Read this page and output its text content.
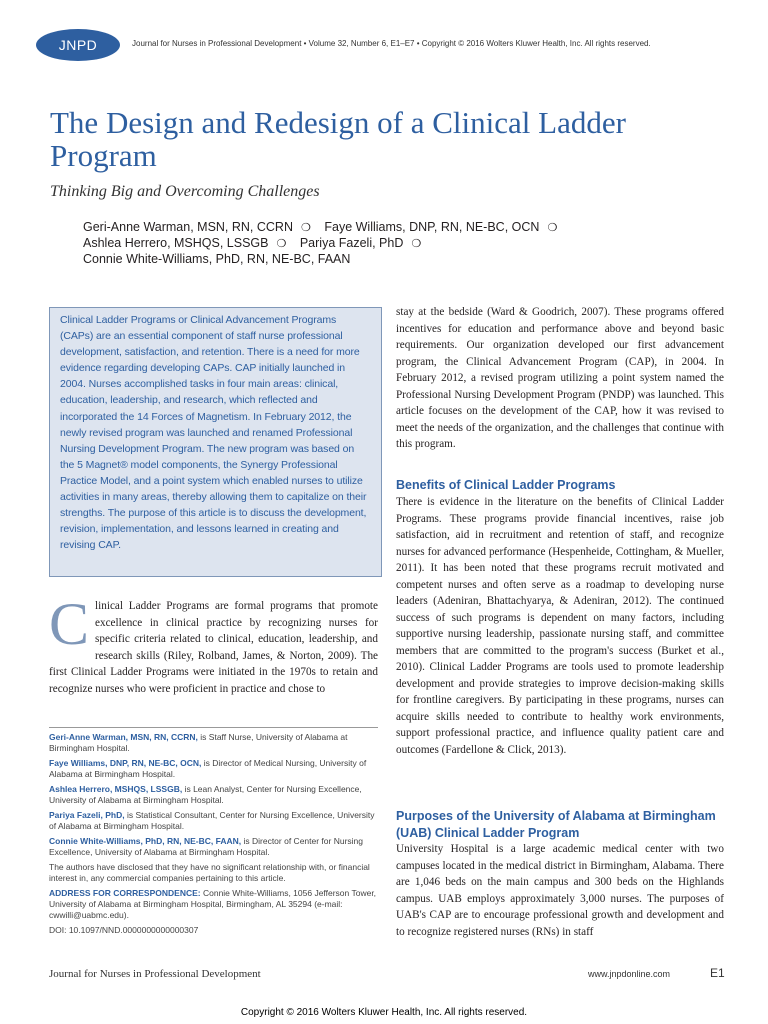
JNPD	Journal for Nurses in Professional Development • Volume 32, Number 6, E1–E7 • Copyright © 2016 Wolters Kluwer Health, Inc. All rights reserved.
The Design and Redesign of a Clinical Ladder Program
Thinking Big and Overcoming Challenges
Geri-Anne Warman, MSN, RN, CCRN ❍ Faye Williams, DNP, RN, NE-BC, OCN ❍
Ashlea Herrero, MSHQS, LSSGB ❍ Pariya Fazeli, PhD ❍
Connie White-Williams, PhD, RN, NE-BC, FAAN

Clinical Ladder Programs or Clinical Advancement Programs (CAPs) are an essential component of staff nurse professional development, satisfaction, and retention. There is a need for more evidence regarding developing CAPs. CAP initially launched in 2004. Nurses accomplished tasks in four main areas: clinical, education, leadership, and research, which reflected and incorporated the 14 Forces of Magnetism. In February 2012, the newly revised program was launched and renamed Professional Nursing Development Program. The new program was based on the 5 Magnet® model components, the Synergy Professional Practice Model, and a point system which enabled nurses to utilize activities in many areas, thereby allowing them to capitalize on their strengths. The purpose of this article is to discuss the development, revision, implementation, and lessons learned in creating and revising CAP.

Clinical Ladder Programs are formal programs that promote excellence in clinical practice by recognizing nurses for specific criteria related to clinical, education, leadership, and research skills (Riley, Rolband, James, & Norton, 2009). The first Clinical Ladder Programs were initiated in the 1970s to retain and recognize nurses who were proficient in practice and chose to

Geri-Anne Warman, MSN, RN, CCRN, is Staff Nurse, University of Alabama at Birmingham Hospital.

Faye Williams, DNP, RN, NE-BC, OCN, is Director of Medical Nursing, University of Alabama at Birmingham Hospital.

Ashlea Herrero, MSHQS, LSSGB, is Lean Analyst, Center for Nursing Excellence, University of Alabama at Birmingham Hospital.

Pariya Fazeli, PhD, is Statistical Consultant, Center for Nursing Excellence, University of Alabama at Birmingham Hospital.

Connie White-Williams, PhD, RN, NE-BC, FAAN, is Director of Center for Nursing Excellence, University of Alabama at Birmingham Hospital.

The authors have disclosed that they have no significant relationship with, or financial interest in, any commercial companies pertaining to this article.

ADDRESS FOR CORRESPONDENCE: Connie White-Williams, 1056 Jefferson Tower, University of Alabama at Birmingham Hospital, Birmingham, AL 35294 (e-mail: cwwilli@uabmc.edu).

DOI: 10.1097/NND.0000000000000307

stay at the bedside (Ward & Goodrich, 2007). These programs offered incentives for education and performance above and beyond basic requirements. Our organization developed our first advancement program, the Clinical Advancement Program (CAP), in 2004. In February 2012, a revised program utilizing a point system named the Professional Nursing Development Program (PNDP) was launched. This article focuses on the development of the CAP, how it was revised to meet the needs of the organization, and the challenges that continue with this program.

Benefits of Clinical Ladder Programs

There is evidence in the literature on the benefits of Clinical Ladder Programs. These programs provide financial incentives, raise job satisfaction, aid in recruitment and retention of staff, and recognize nurses for advanced performance (Hespenheide, Cottingham, & Mueller, 2011). It has been noted that these programs recruit motivated and competent nurses and often serve as a roadmap to developing nurse leaders (Adeniran, Bhattachyarya, & Adeniran, 2012). The continued success of such programs is dependent on many factors, including supportive nursing leadership, passionate nursing staff, and committee members that are committed to the program's success (Burket et al., 2010). Clinical Ladder Programs are tools used to promote leadership development and provide strategies to improve decision-making skills for frontline caregivers. By participating in these programs, nurses can acquire skills needed to contribute to healthy work environments, support professional practice, and influence quality patient care and outcomes (Fardellone & Click, 2013).

Purposes of the University of Alabama at Birmingham (UAB) Clinical Ladder Program

University Hospital is a large academic medical center with two campuses located in the medical district in Birmingham, Alabama. There are 1,046 beds on the main campus and 300 beds on the Highlands campus. UAB employs approximately 3,000 nurses. The purposes of UAB's CAP are to encourage professional growth and development and to recognize registered nurses (RNs) in staff

Journal for Nurses in Professional Development	www.jnpdonline.com	E1
Copyright © 2016 Wolters Kluwer Health, Inc. All rights reserved.
